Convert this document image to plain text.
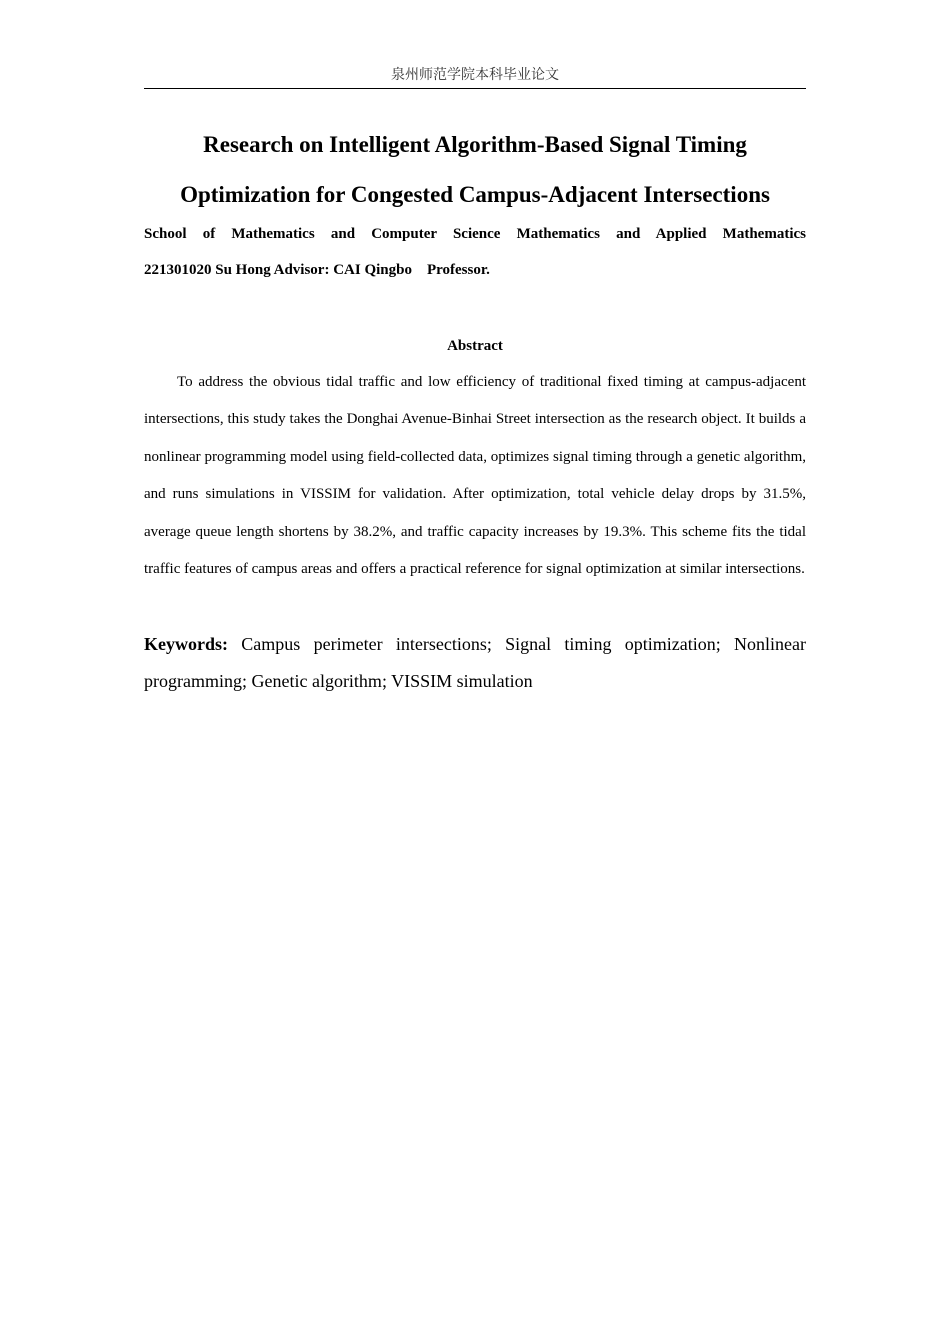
泉州师范学院本科毕业论文
Research on Intelligent Algorithm-Based Signal Timing
Optimization for Congested Campus-Adjacent Intersections
School of Mathematics and Computer Science Mathematics and Applied Mathematics
221301020 Su Hong Advisor: CAI Qingbo    Professor.
Abstract

To address the obvious tidal traffic and low efficiency of traditional fixed timing at campus-adjacent intersections, this study takes the Donghai Avenue-Binhai Street intersection as the research object. It builds a nonlinear programming model using field-collected data, optimizes signal timing through a genetic algorithm, and runs simulations in VISSIM for validation. After optimization, total vehicle delay drops by 31.5%, average queue length shortens by 38.2%, and traffic capacity increases by 19.3%. This scheme fits the tidal traffic features of campus areas and offers a practical reference for signal optimization at similar intersections.

Keywords: Campus perimeter intersections; Signal timing optimization; Nonlinear programming; Genetic algorithm; VISSIM simulation
